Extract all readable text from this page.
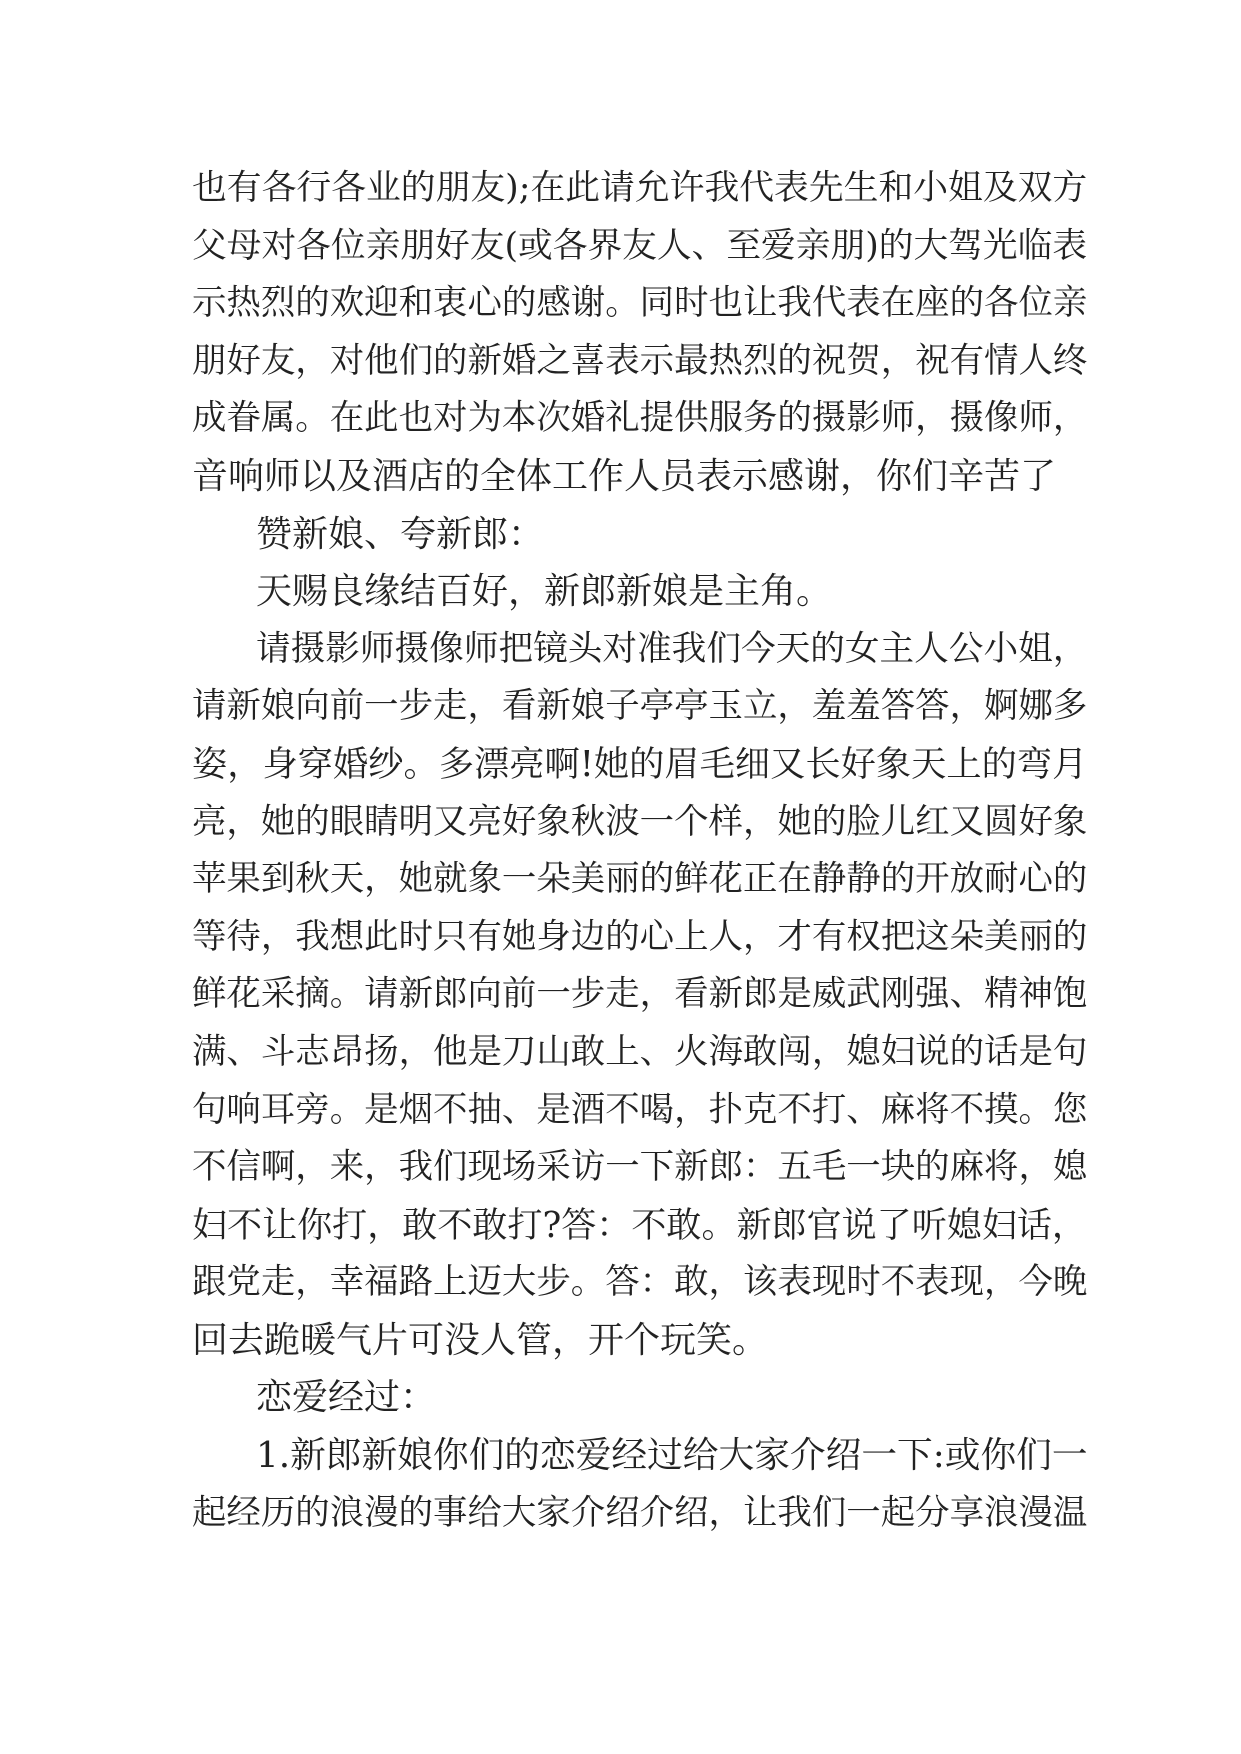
也有各行各业的朋友);在此请允许我代表先生和小姐及双方
父母对各位亲朋好友(或各界友人、至爱亲朋)的大驾光临表
示热烈的欢迎和衷心的感谢。同时也让我代表在座的各位亲
朋好友，对他们的新婚之喜表示最热烈的祝贺，祝有情人终
成眷属。在此也对为本次婚礼提供服务的摄影师，摄像师，
音响师以及酒店的全体工作人员表示感谢，你们辛苦了
赞新娘、夸新郎：
天赐良缘结百好，新郎新娘是主角。
请摄影师摄像师把镜头对准我们今天的女主人公小姐，
请新娘向前一步走，看新娘子亭亭玉立，羞羞答答，婀娜多
姿，身穿婚纱。多漂亮啊!她的眉毛细又长好象天上的弯月
亮，她的眼睛明又亮好象秋波一个样，她的脸儿红又圆好象
苹果到秋天，她就象一朵美丽的鲜花正在静静的开放耐心的
等待，我想此时只有她身边的心上人，才有权把这朵美丽的
鲜花采摘。请新郎向前一步走，看新郎是威武刚强、精神饱
满、斗志昂扬，他是刀山敢上、火海敢闯，媳妇说的话是句
句响耳旁。是烟不抽、是酒不喝，扑克不打、麻将不摸。您
不信啊，来，我们现场采访一下新郎：五毛一块的麻将，媳
妇不让你打，敢不敢打?答：不敢。新郎官说了听媳妇话，
跟党走，幸福路上迈大步。答：敢，该表现时不表现，今晚
回去跪暖气片可没人管，开个玩笑。
恋爱经过：
1.新郎新娘你们的恋爱经过给大家介绍一下:或你们一
起经历的浪漫的事给大家介绍介绍，让我们一起分享浪漫温
